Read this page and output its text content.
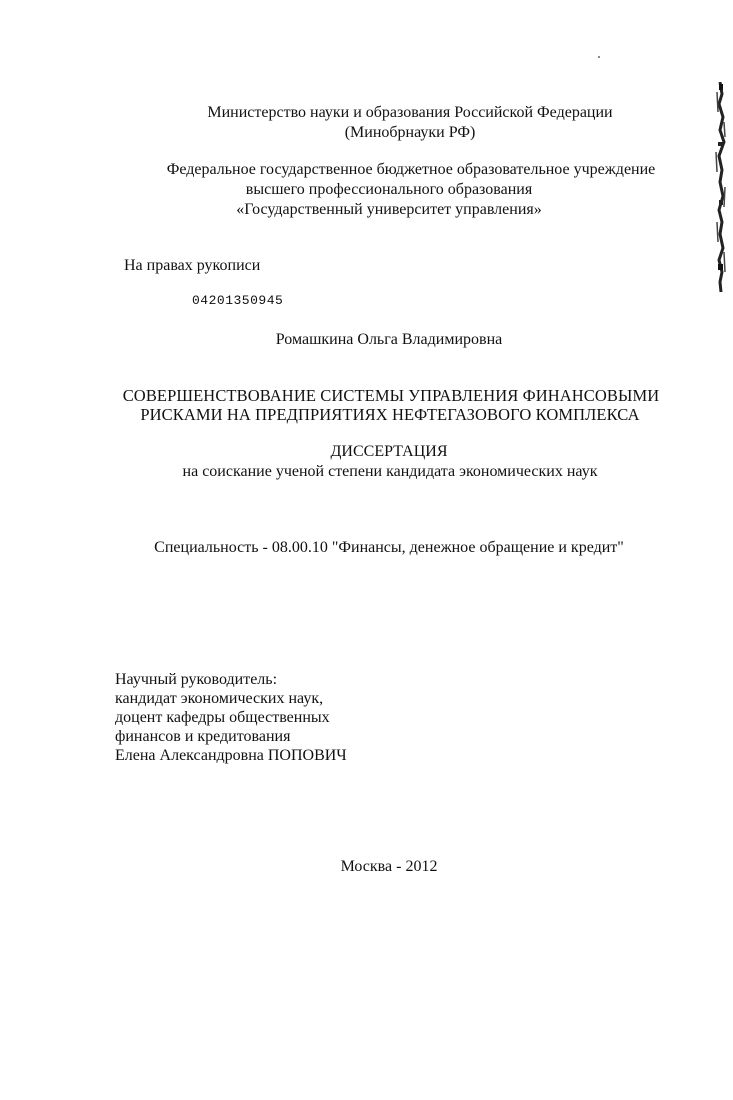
Министерство науки и образования Российской Федерации
(Минобрнауки РФ)
Федеральное государственное бюджетное образовательное учреждение
высшего профессионального образования
«Государственный университет управления»
На правах рукописи
04201350945
Ромашкина Ольга Владимировна
СОВЕРШЕНСТВОВАНИЕ СИСТЕМЫ УПРАВЛЕНИЯ ФИНАНСОВЫМИ
РИСКАМИ НА ПРЕДПРИЯТИЯХ НЕФТЕГАЗОВОГО КОМПЛЕКСА
ДИССЕРТАЦИЯ
на соискание ученой степени кандидата экономических наук
Специальность - 08.00.10 "Финансы, денежное обращение и кредит"
Научный руководитель:
кандидат экономических наук,
доцент кафедры общественных
финансов и кредитования
Елена Александровна ПОПОВИЧ
Москва - 2012
